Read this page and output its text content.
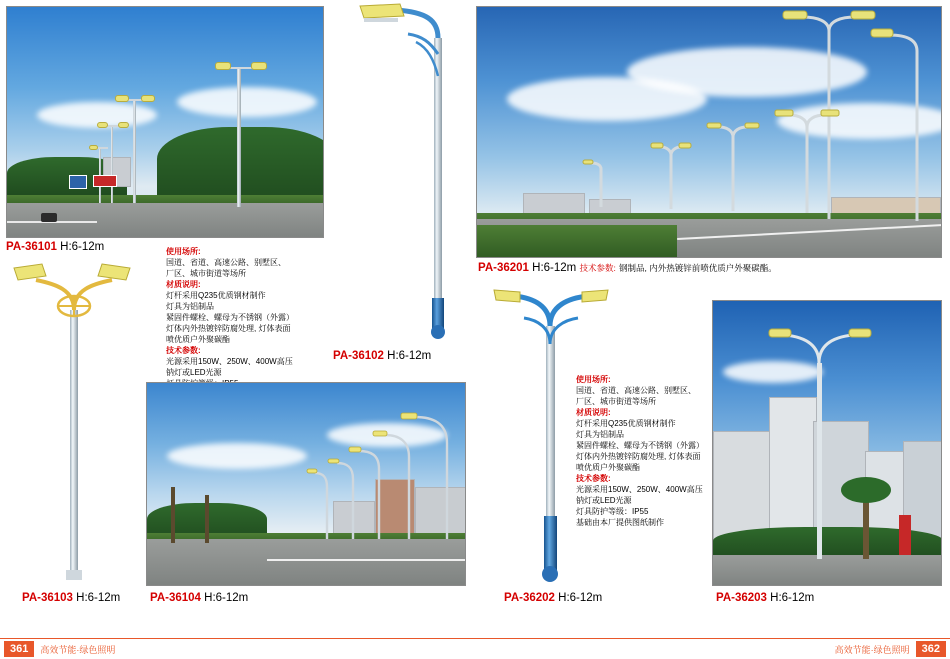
PA-36101 H:6-12m	使用场所:
国道、省道、高速公路、别墅区、
厂区、城市街道等场所
材质说明:
灯杆采用Q235优质钢材制作
灯具为铝制品
紧固件螺栓、螺母为不锈钢（外露）
灯体内外热镀锌防腐处理, 灯体表面
喷优质户外聚碳酯
技术参数:
光源采用150W、250W、400W高压
钠灯或LED光源
PA-36102 H:6-12m
PA-36103 H:6-12m	PA-36104 H:6-12m
PA-36201 H:6-12m 技术参数: 钢制品, 内外热镀锌前喷优质户外聚碳酯。
PA-36202 H:6-12m
使用场所:
国道、省道、高速公路、别墅区、
厂区、城市街道等场所
材质说明:
灯杆采用Q235优质钢材制作
灯具为铝制品
紧固件螺栓、螺母为不锈钢（外露）
灯体内外热镀锌防腐处理, 灯体表面
喷优质户外聚碳酯
技术参数:
光源采用150W、250W、400W高压
钠灯或LED光源
灯具防护等级：IP55
基础由本厂提供图纸制作
PA-36203 H:6-12m
361	高效节能·绿色照明	高效节能·绿色照明	362
